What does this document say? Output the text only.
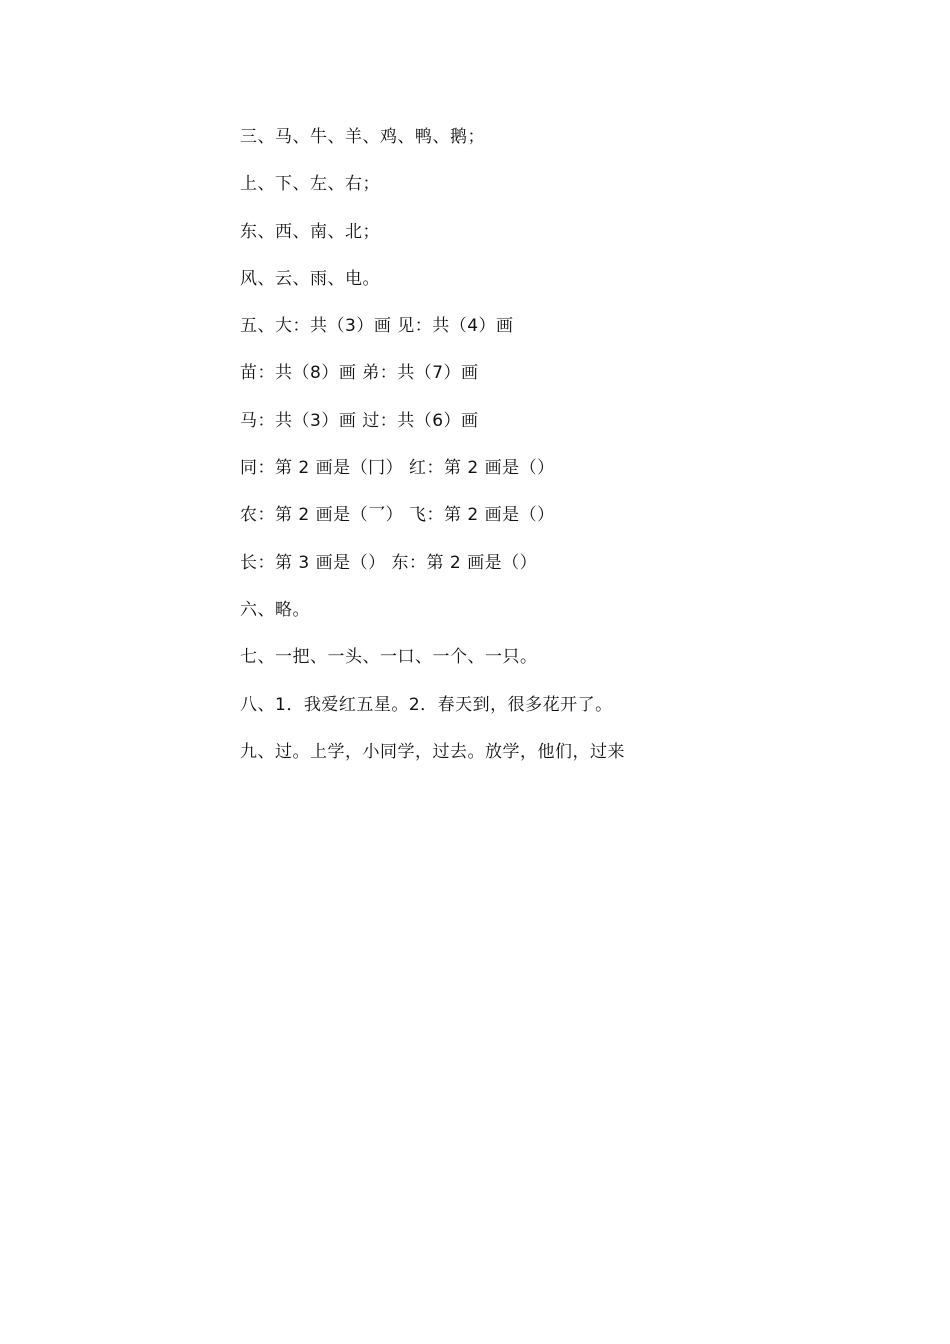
三、马、牛、羊、鸡、鸭、鹅；
上、下、左、右；
东、西、南、北；
风、云、雨、电。
五、大：共（3）画 见：共（4）画
苗：共（8）画 弟：共（7）画
马：共（3）画 过：共（6）画
同：第 2 画是（冂） 红：第 2 画是（）
农：第 2 画是（乛） 飞：第 2 画是（）
长：第 3 画是（） 东：第 2 画是（）
六、略。
七、一把、一头、一口、一个、一只。
八、1．我爱红五星。2．春天到，很多花开了。
九、过。上学，小同学，过去。放学，他们，过来
